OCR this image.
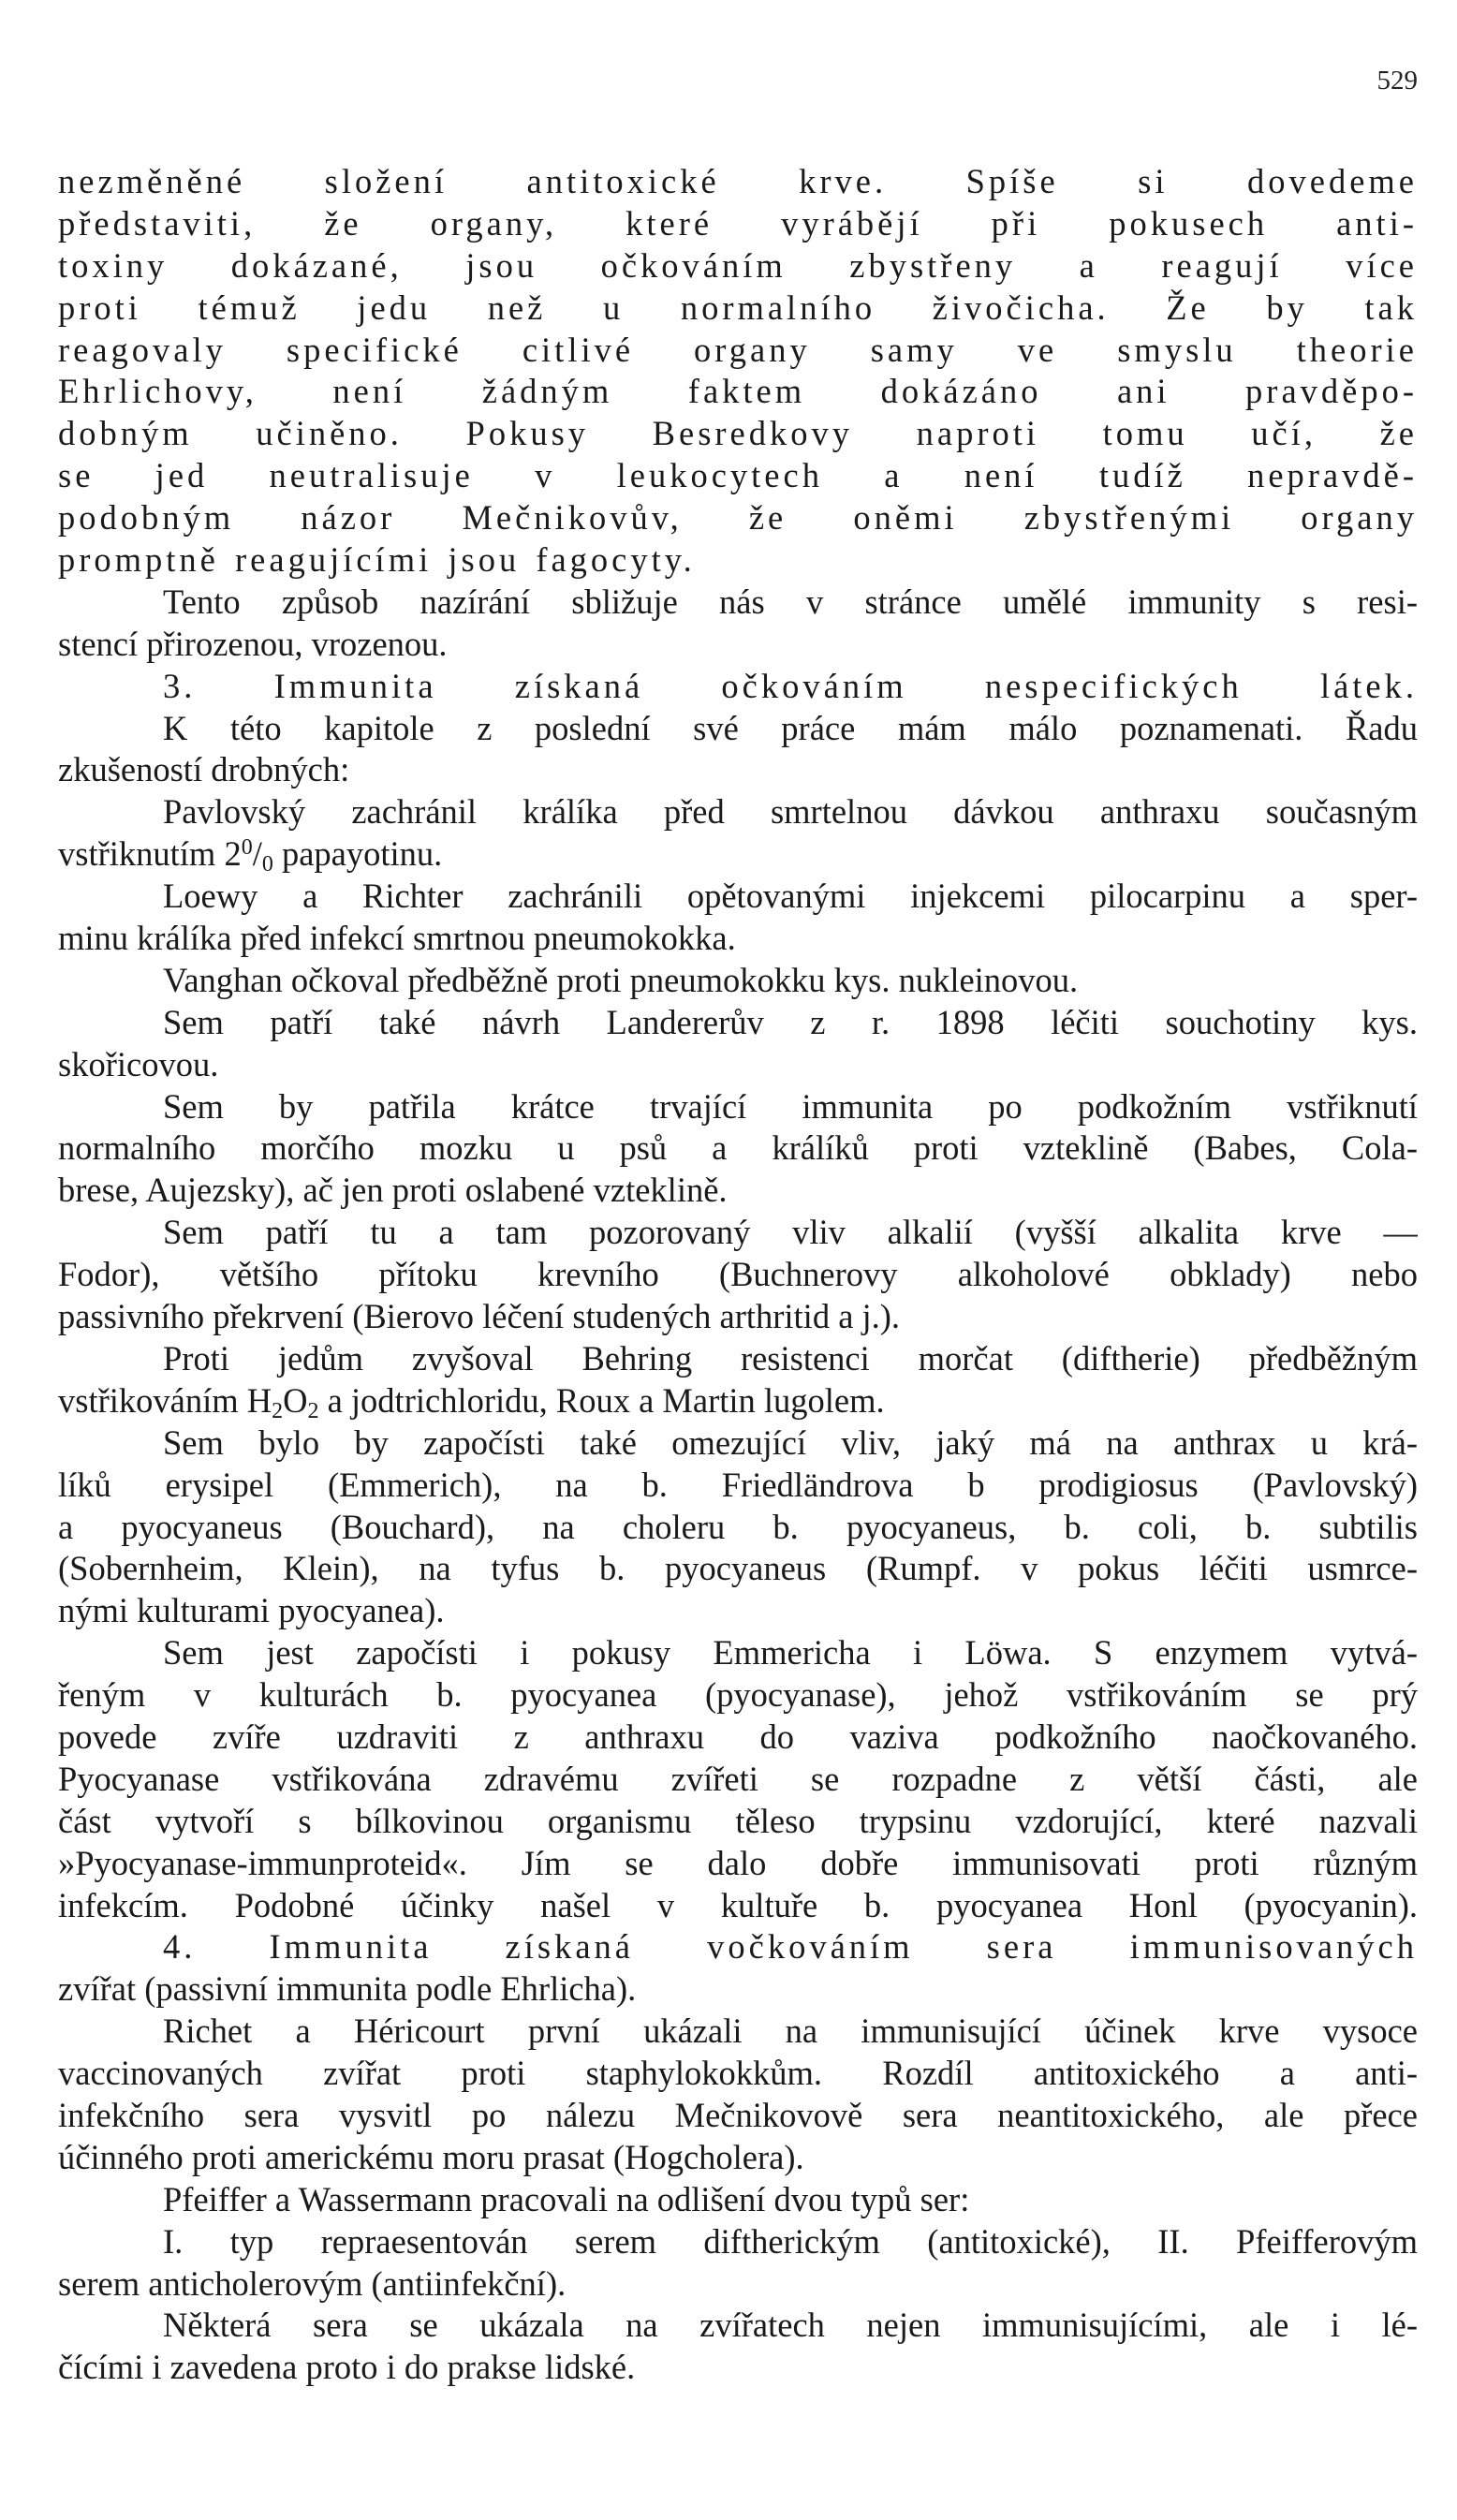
529
nezměněné složení antitoxické krve. Spíše si dovedeme
představiti, že organy, které vyrábějí při pokusech anti-
toxiny dokázané, jsou očkováním zbystřeny a reagují více
proti témuž jedu než u normalního živočicha. Že by tak
reagovaly specifické citlivé organy samy ve smyslu theorie
Ehrlichovy, není žádným faktem dokázáno ani pravděpo-
dobným učiněno. Pokusy Besredkovy naproti tomu učí, že
se jed neutralisuje v leukocytech a není tudíž nepravdě-
podobným názor Mečnikovův, že oněmi zbystřenými organy
promptně reagujícími jsou fagocyty.
Tento způsob nazírání sbližuje nás v stránce umělé immunity s resi-
stencí přirozenou, vrozenou.
3. Immunita získaná očkováním nespecifických látek.
K této kapitole z poslední své práce mám málo poznamenati. Řadu
zkušeností drobných:
Pavlovský zachránil králíka před smrtelnou dávkou anthraxu současným
vstřiknutím $2^0/_0$ papayotinu.
Loewy a Richter zachránili opětovanými injekcemi pilocarpinu a sper-
minu králíka před infekcí smrtnou pneumokokka.
Vanghan očkoval předběžně proti pneumokokku kys. nukleinovou.
Sem patří také návrh Landererův z r. 1898 léčiti souchotiny kys.
skořicovou.
Sem by patřila krátce trvající immunita po podkožním vstřiknutí
normalního morčího mozku u psů a králíků proti vzteklině (Babes, Cola-
brese, Aujezsky), ač jen proti oslabené vzteklině.
Sem patří tu a tam pozorovaný vliv alkalií (vyšší alkalita krve —
Fodor), většího přítoku krevního (Buchnerovy alkoholové obklady) nebo
passivního překrvení (Bierovo léčení studených arthritid a j.).
Proti jedům zvyšoval Behring resistenci morčat (diftherie) předběžným
vstřikováním $H_2O_2$ a jodtrichloridu, Roux a Martin lugolem.
Sem bylo by započísti také omezující vliv, jaký má na anthrax u krá-
líků erysipel (Emmerich), na b. Friedländrova b prodigiosus (Pavlovský)
a pyocyaneus (Bouchard), na choleru b. pyocyaneus, b. coli, b. subtilis
(Sobernheim, Klein), na tyfus b. pyocyaneus (Rumpf. v pokus léčiti usmrce-
nými kulturami pyocyanea).
Sem jest započísti i pokusy Emmericha i Löwa. S enzymem vytvá-
řeným v kulturách b. pyocyanea (pyocyanase), jehož vstřikováním se prý
povede zvíře uzdraviti z anthraxu do vaziva podkožního naočkovaného.
Pyocyanase vstřikována zdravému zvířeti se rozpadne z větší části, ale
část vytvoří s bílkovinou organismu těleso trypsinu vzdorující, které nazvali
»Pyocyanase-immunproteid«. Jím se dalo dobře immunisovati proti různým
infekcím. Podobné účinky našel v kultuře b. pyocyanea Honl (pyocyanin).
4. Immunita získaná vočkováním sera immunisovaných
zvířat (passivní immunita podle Ehrlicha).
Richet a Héricourt první ukázali na immunisující účinek krve vysoce
vaccinovaných zvířat proti staphylokokkům. Rozdíl antitoxického a anti-
infekčního sera vysvitl po nálezu Mečnikovově sera neantitoxického, ale přece
účinného proti americkému moru prasat (Hogcholera).
Pfeiffer a Wassermann pracovali na odlišení dvou typů ser:
I. typ repraesentován serem diftherickým (antitoxické), II. Pfeifferovým
serem anticholerovým (antiinfekční).
Některá sera se ukázala na zvířatech nejen immunisujícími, ale i lé-
čícími i zavedena proto i do prakse lidské.
